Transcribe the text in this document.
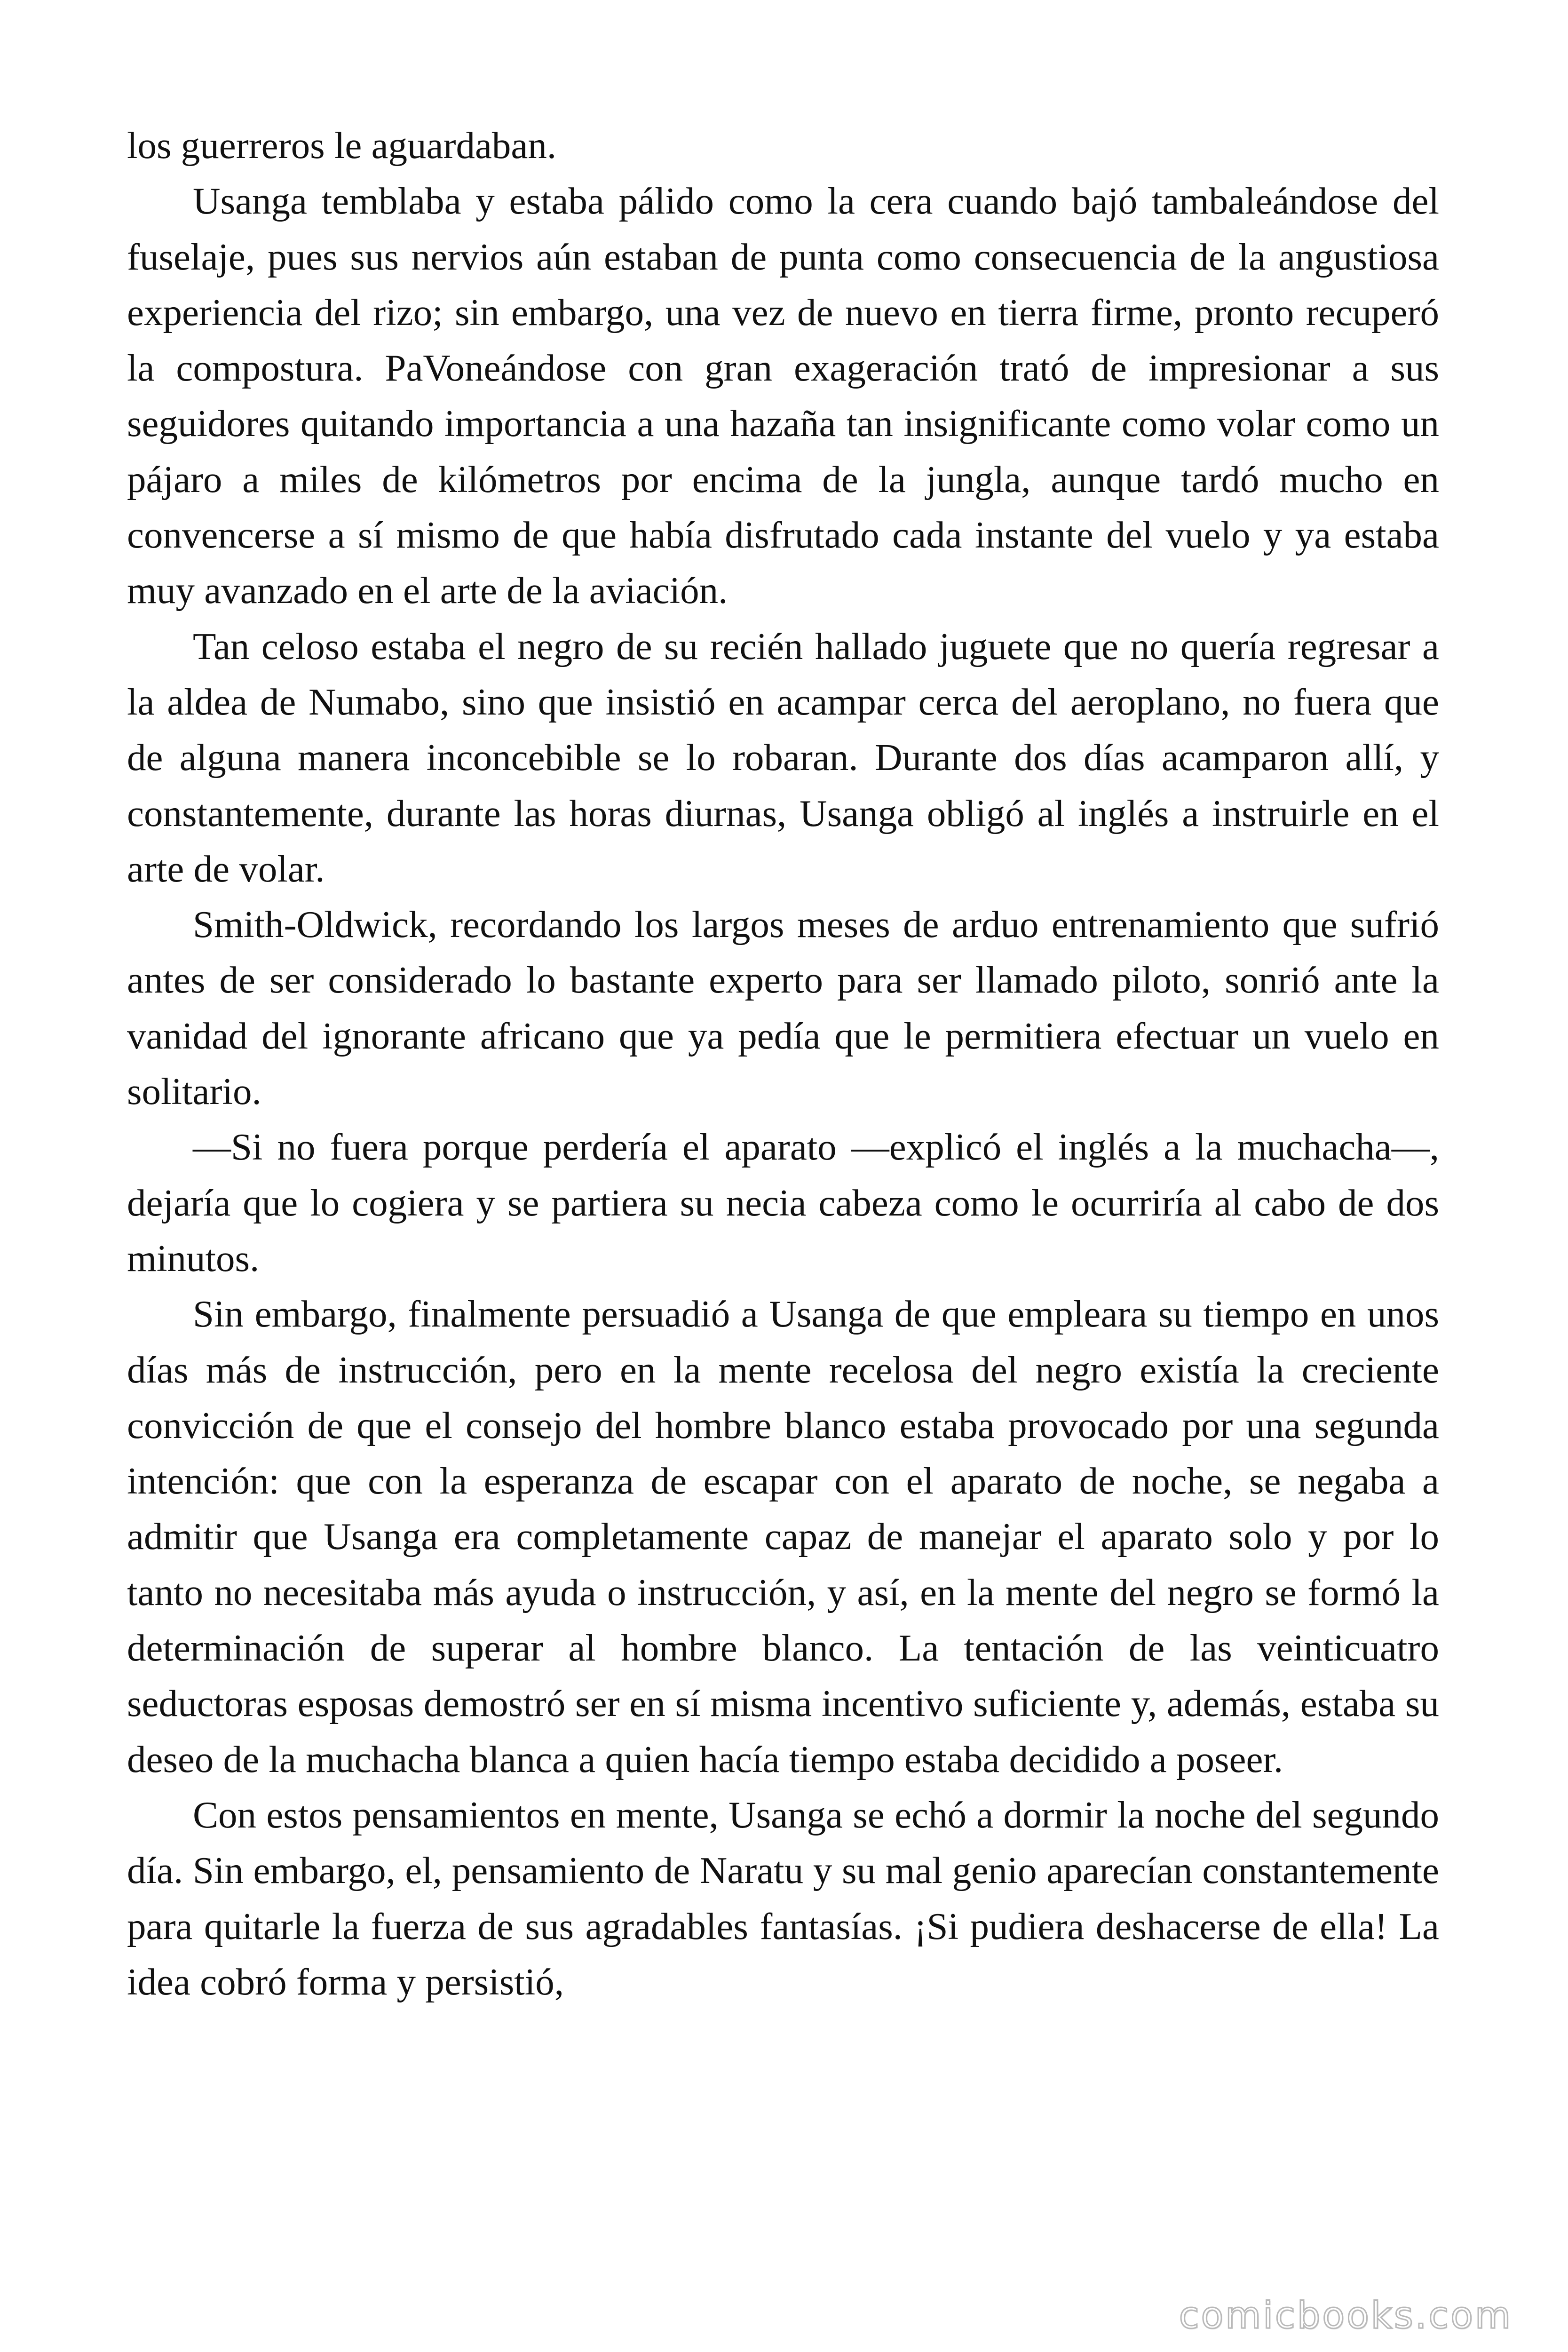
los guerreros le aguardaban.

Usanga temblaba y estaba pálido como la cera cuando bajó tambaleándose del fuselaje, pues sus nervios aún estaban de punta como consecuencia de la angustiosa experiencia del rizo; sin embargo, una vez de nuevo en tierra firme, pronto recuperó la compostura. PaVoneándose con gran exageración trató de impresionar a sus seguidores quitando importancia a una hazaña tan insignificante como volar como un pájaro a miles de kilómetros por encima de la jungla, aunque tardó mucho en convencerse a sí mismo de que había disfrutado cada instante del vuelo y ya estaba muy avanzado en el arte de la aviación.

Tan celoso estaba el negro de su recién hallado juguete que no quería regresar a la aldea de Numabo, sino que insistió en acampar cerca del aeroplano, no fuera que de alguna manera inconcebible se lo robaran. Durante dos días acamparon allí, y constantemente, durante las horas diurnas, Usanga obligó al inglés a instruirle en el arte de volar.

Smith-Oldwick, recordando los largos meses de arduo entrenamiento que sufrió antes de ser considerado lo bastante experto para ser llamado piloto, sonrió ante la vanidad del ignorante africano que ya pedía que le permitiera efectuar un vuelo en solitario.

—Si no fuera porque perdería el aparato —explicó el inglés a la muchacha—, dejaría que lo cogiera y se partiera su necia cabeza como le ocurriría al cabo de dos minutos.

Sin embargo, finalmente persuadió a Usanga de que empleara su tiempo en unos días más de instrucción, pero en la mente recelosa del negro existía la creciente convicción de que el consejo del hombre blanco estaba provocado por una segunda intención: que con la esperanza de escapar con el aparato de noche, se negaba a admitir que Usanga era completamente capaz de manejar el aparato solo y por lo tanto no necesitaba más ayuda o instrucción, y así, en la mente del negro se formó la determinación de superar al hombre blanco. La tentación de las veinticuatro seductoras esposas demostró ser en sí misma incentivo suficiente y, además, estaba su deseo de la muchacha blanca a quien hacía tiempo estaba decidido a poseer.

Con estos pensamientos en mente, Usanga se echó a dormir la noche del segundo día. Sin embargo, el, pensamiento de Naratu y su mal genio aparecían constantemente para quitarle la fuerza de sus agradables fantasías. ¡Si pudiera deshacerse de ella! La idea cobró forma y persistió,

comicbooks.com
